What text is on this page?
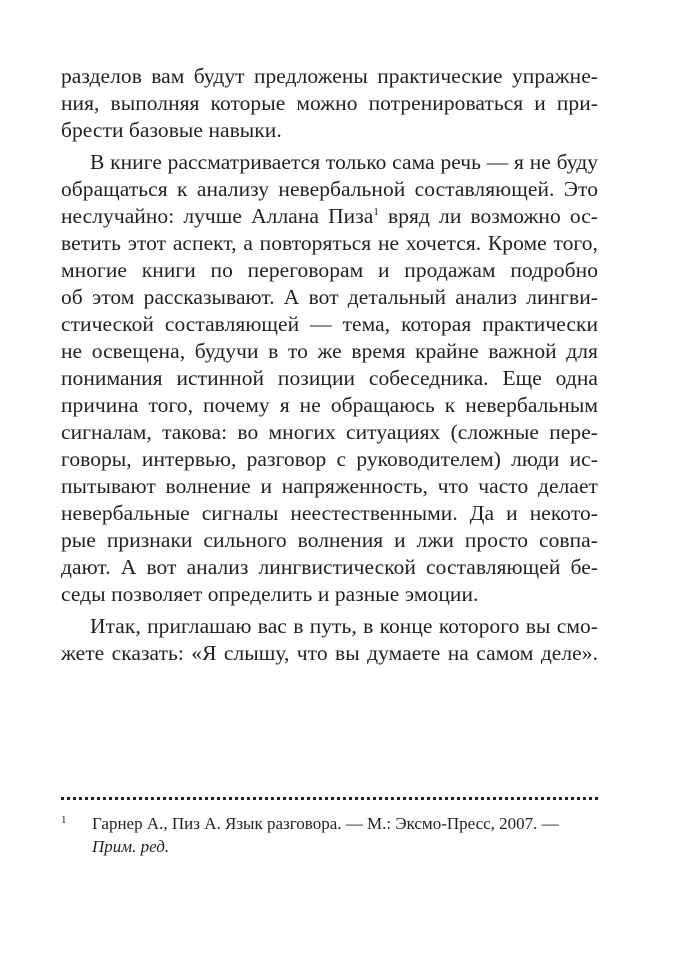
разделов вам будут предложены практические упражне-
ния, выполняя которые можно потренироваться и при-
брести базовые навыки.
В книге рассматривается только сама речь — я не буду
обращаться к анализу невербальной составляющей. Это
неслучайно: лучше Аллана Пиза$^1$ вряд ли возможно ос-
ветить этот аспект, а повторяться не хочется. Кроме того,
многие книги по переговорам и продажам подробно
об этом рассказывают. А вот детальный анализ лингви-
стической составляющей — тема, которая практически
не освещена, будучи в то же время крайне важной для
понимания истинной позиции собеседника. Еще одна
причина того, почему я не обращаюсь к невербальным
сигналам, такова: во многих ситуациях (сложные пере-
говоры, интервью, разговор с руководителем) люди ис-
пытывают волнение и напряженность, что часто делает
невербальные сигналы неестественными. Да и некото-
рые признаки сильного волнения и лжи просто совпа-
дают. А вот анализ лингвистической составляющей бе-
седы позволяет определить и разные эмоции.
Итак, приглашаю вас в путь, в конце которого вы смо-
жете сказать: «Я слышу, что вы думаете на самом деле».
1 Гарнер А., Пиз А. Язык разговора. — М.: Эксмо-Пресс, 2007. —
Прим. ред.
